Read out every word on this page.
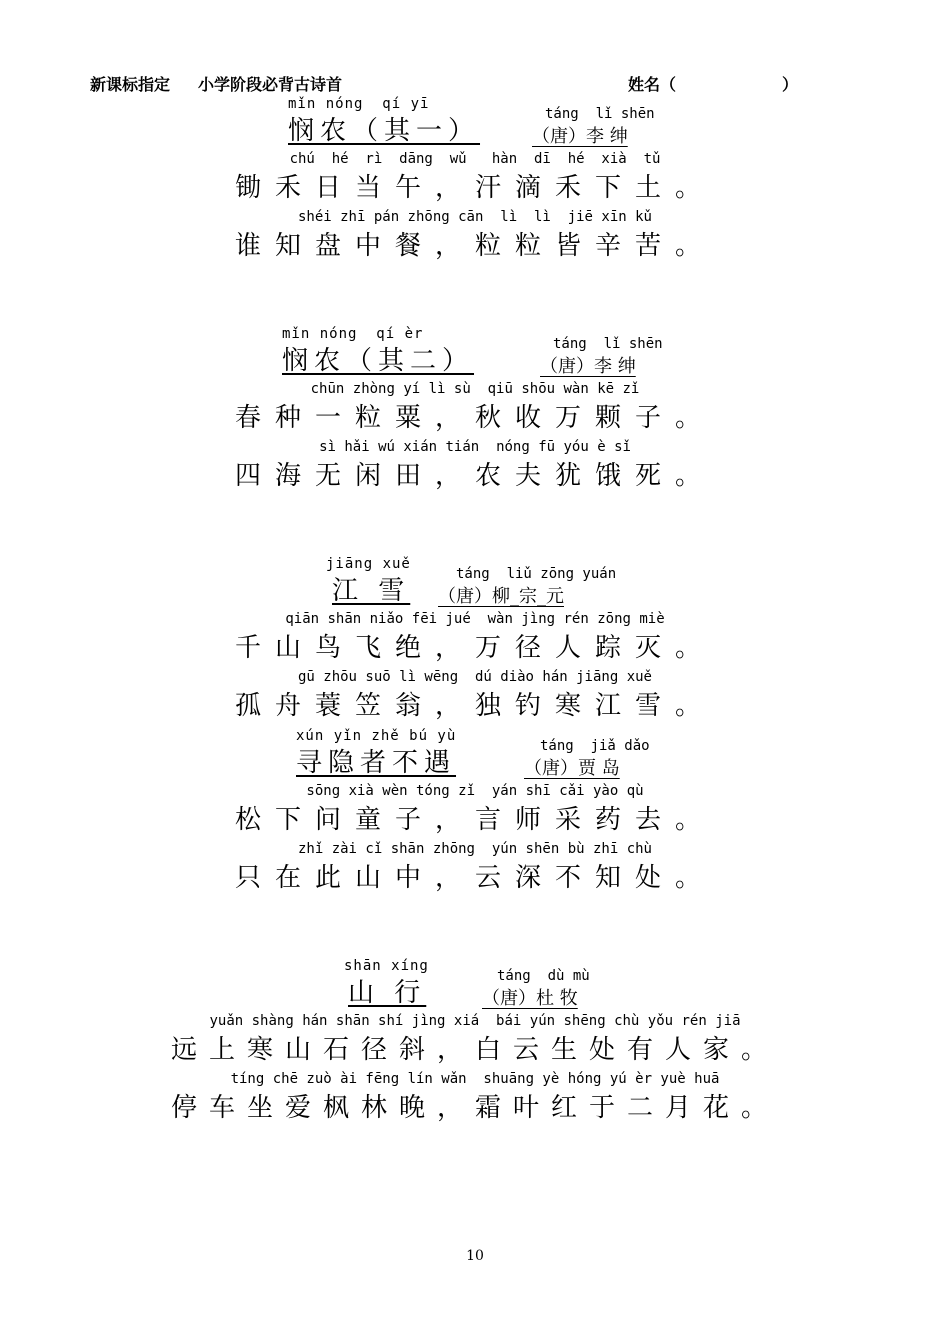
新课标指定 小学阶段必背古诗首	姓名（	）
mǐn nóng  qí yī
悯农（其一）
táng  lǐ shēn
（唐）李 绅
chú  hé  rì  dāng  wǔ   hàn  dī  hé  xià  tǔ
锄禾日当午，汗滴禾下土。
shéi zhī pán zhōng cān  lì  lì  jiē xīn kǔ
谁知盘中餐，粒粒皆辛苦。
mǐn nóng  qí èr
悯农（其二）
táng  lǐ shēn
（唐）李 绅
chūn zhòng yí lì sù  qiū shōu wàn kē zǐ
春种一粒粟，秋收万颗子。
sì hǎi wú xián tián  nóng fū yóu è sǐ
四海无闲田，农夫犹饿死。
jiāng xuě
江 雪
táng  liǔ zōng yuán
（唐）柳_宗_元
qiān shān niǎo fēi jué  wàn jìng rén zōng miè
千山鸟飞绝，万径人踪灭。
gū zhōu suō lì wēng  dú diào hán jiāng xuě
孤舟蓑笠翁，独钓寒江雪。
xún yǐn zhě bú yù
寻隐者不遇
táng  jiǎ dǎo
（唐）贾 岛
sōng xià wèn tóng zǐ  yán shī cǎi yào qù
松下问童子，言师采药去。
zhǐ zài cǐ shān zhōng  yún shēn bù zhī chù
只在此山中，云深不知处。
shān xíng
山 行
táng  dù mù
（唐）杜 牧
yuǎn shàng hán shān shí jìng xiá  bái yún shēng chù yǒu rén jiā
远上寒山石径斜，白云生处有人家。
tíng chē zuò ài fēng lín wǎn  shuāng yè hóng yú èr yuè huā
停车坐爱枫林晚，霜叶红于二月花。
10
